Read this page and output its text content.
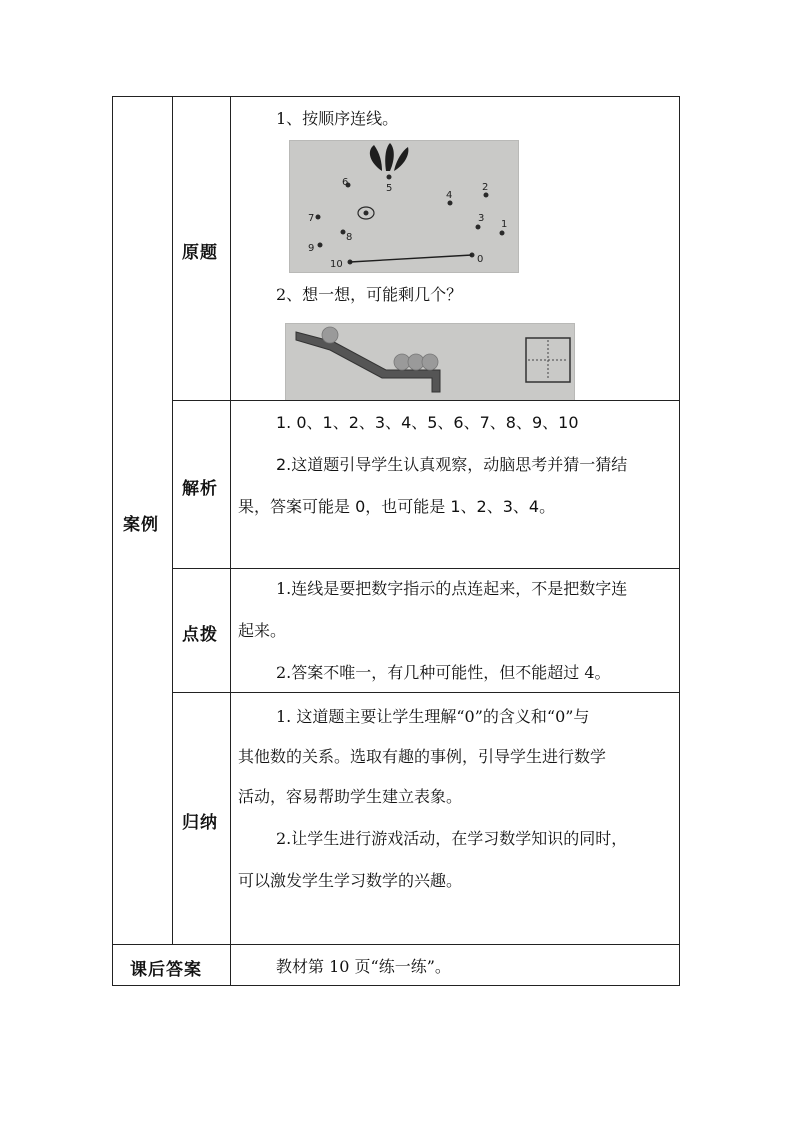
案例
课后答案
原题
解析
点拨
归纳
1、按顺序连线。
5
6
4
2
7	3
1
8
9
10	0
2、想一想，可能剩几个？
1. 0、1、2、3、4、5、6、7、8、9、10
2.这道题引导学生认真观察，动脑思考并猜一猜结
果，答案可能是 0，也可能是 1、2、3、4。
1.连线是要把数字指示的点连起来，不是把数字连
起来。
2.答案不唯一，有几种可能性，但不能超过 4。
1. 这道题主要让学生理解“0”的含义和“0”与
其他数的关系。选取有趣的事例，引导学生进行数学
活动，容易帮助学生建立表象。
2.让学生进行游戏活动，在学习数学知识的同时，
可以激发学生学习数学的兴趣。
教材第 10 页“练一练”。
